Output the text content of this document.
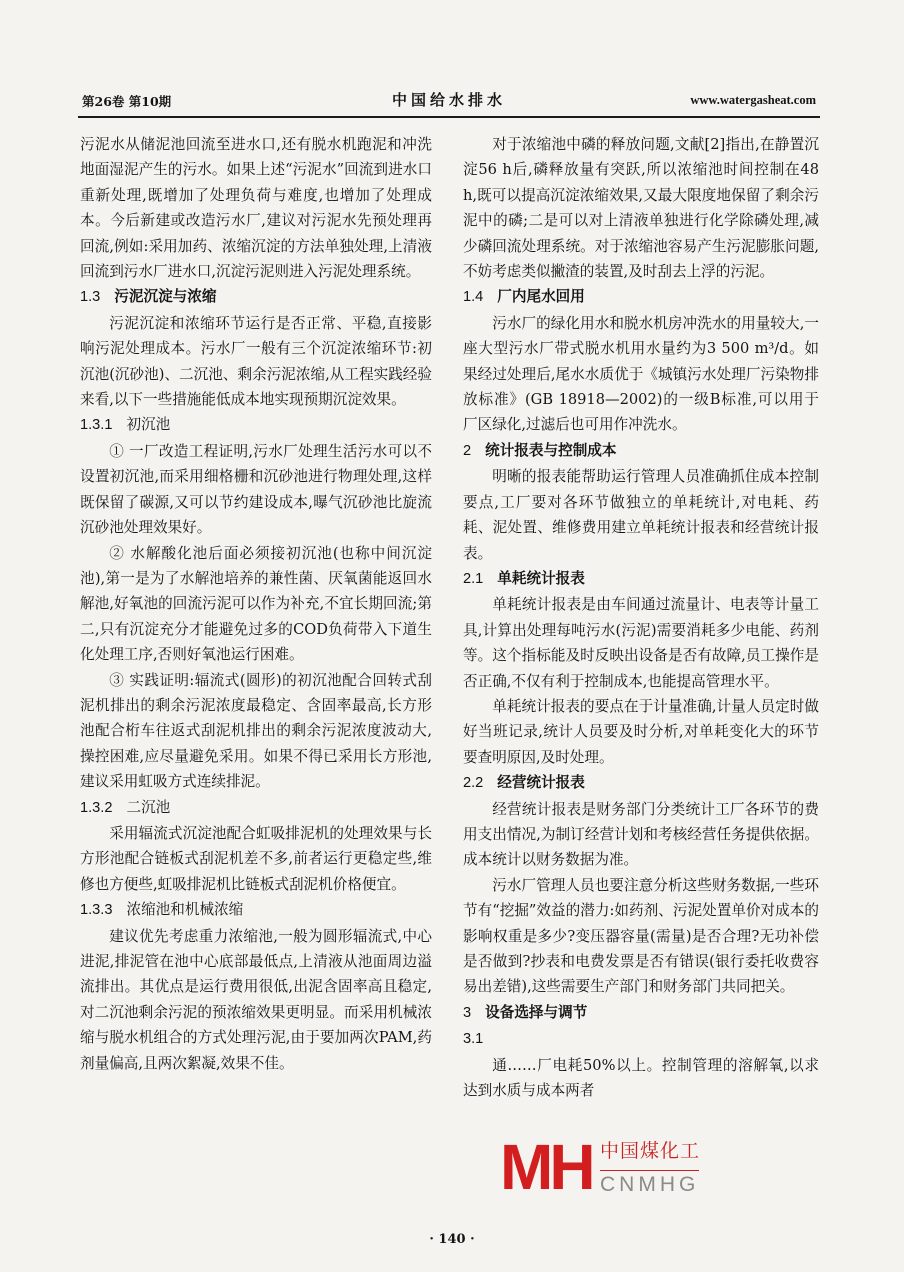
第26卷 第10期	中国给水排水	www.watergasheat.com

污泥水从储泥池回流至进水口,还有脱水机跑泥和冲洗地面湿泥产生的污水。如果上述“污泥水”回流到进水口重新处理,既增加了处理负荷与难度,也增加了处理成本。今后新建或改造污水厂,建议对污泥水先预处理再回流,例如:采用加药、浓缩沉淀的方法单独处理,上清液回流到污水厂进水口,沉淀污泥则进入污泥处理系统。

1.3 污泥沉淀与浓缩

污泥沉淀和浓缩环节运行是否正常、平稳,直接影响污泥处理成本。污水厂一般有三个沉淀浓缩环节:初沉池(沉砂池)、二沉池、剩余污泥浓缩,从工程实践经验来看,以下一些措施能低成本地实现预期沉淀效果。

1.3.1 初沉池

① 一厂改造工程证明,污水厂处理生活污水可以不设置初沉池,而采用细格栅和沉砂池进行物理处理,这样既保留了碳源,又可以节约建设成本,曝气沉砂池比旋流沉砂池处理效果好。

② 水解酸化池后面必须接初沉池(也称中间沉淀池),第一是为了水解池培养的兼性菌、厌氧菌能返回水解池,好氧池的回流污泥可以作为补充,不宜长期回流;第二,只有沉淀充分才能避免过多的COD负荷带入下道生化处理工序,否则好氧池运行困难。

③ 实践证明:辐流式(圆形)的初沉池配合回转式刮泥机排出的剩余污泥浓度最稳定、含固率最高,长方形池配合桁车往返式刮泥机排出的剩余污泥浓度波动大,操控困难,应尽量避免采用。如果不得已采用长方形池,建议采用虹吸方式连续排泥。

1.3.2 二沉池

采用辐流式沉淀池配合虹吸排泥机的处理效果与长方形池配合链板式刮泥机差不多,前者运行更稳定些,维修也方便些,虹吸排泥机比链板式刮泥机价格便宜。

1.3.3 浓缩池和机械浓缩

建议优先考虑重力浓缩池,一般为圆形辐流式,中心进泥,排泥管在池中心底部最低点,上清液从池面周边溢流排出。其优点是运行费用很低,出泥含固率高且稳定,对二沉池剩余污泥的预浓缩效果更明显。而采用机械浓缩与脱水机组合的方式处理污泥,由于要加两次PAM,药剂量偏高,且两次絮凝,效果不佳。

对于浓缩池中磷的释放问题,文献[2]指出,在静置沉淀56 h后,磷释放量有突跃,所以浓缩池时间控制在48 h,既可以提高沉淀浓缩效果,又最大限度地保留了剩余污泥中的磷;二是可以对上清液单独进行化学除磷处理,减少磷回流处理系统。对于浓缩池容易产生污泥膨胀问题,不妨考虑类似撇渣的装置,及时刮去上浮的污泥。

1.4 厂内尾水回用

污水厂的绿化用水和脱水机房冲洗水的用量较大,一座大型污水厂带式脱水机用水量约为3 500 m³/d。如果经过处理后,尾水水质优于《城镇污水处理厂污染物排放标准》(GB 18918—2002)的一级B标准,可以用于厂区绿化,过滤后也可用作冲洗水。

2 统计报表与控制成本

明晰的报表能帮助运行管理人员准确抓住成本控制要点,工厂要对各环节做独立的单耗统计,对电耗、药耗、泥处置、维修费用建立单耗统计报表和经营统计报表。

2.1 单耗统计报表

单耗统计报表是由车间通过流量计、电表等计量工具,计算出处理每吨污水(污泥)需要消耗多少电能、药剂等。这个指标能及时反映出设备是否有故障,员工操作是否正确,不仅有利于控制成本,也能提高管理水平。

单耗统计报表的要点在于计量准确,计量人员定时做好当班记录,统计人员要及时分析,对单耗变化大的环节要查明原因,及时处理。

2.2 经营统计报表

经营统计报表是财务部门分类统计工厂各环节的费用支出情况,为制订经营计划和考核经营任务提供依据。成本统计以财务数据为准。

污水厂管理人员也要注意分析这些财务数据,一些环节有“挖掘”效益的潜力:如药剂、污泥处置单价对成本的影响权重是多少?变压器容量(需量)是否合理?无功补偿是否做到?抄表和电费发票是否有错误(银行委托收费容易出差错),这些需要生产部门和财务部门共同把关。

3 设备选择与调节
3.1

通……厂电耗50%以上。控制管理的溶解氧,以求达到水质与成本两者

MH 中国煤化工
CNMHG
· 140 ·
